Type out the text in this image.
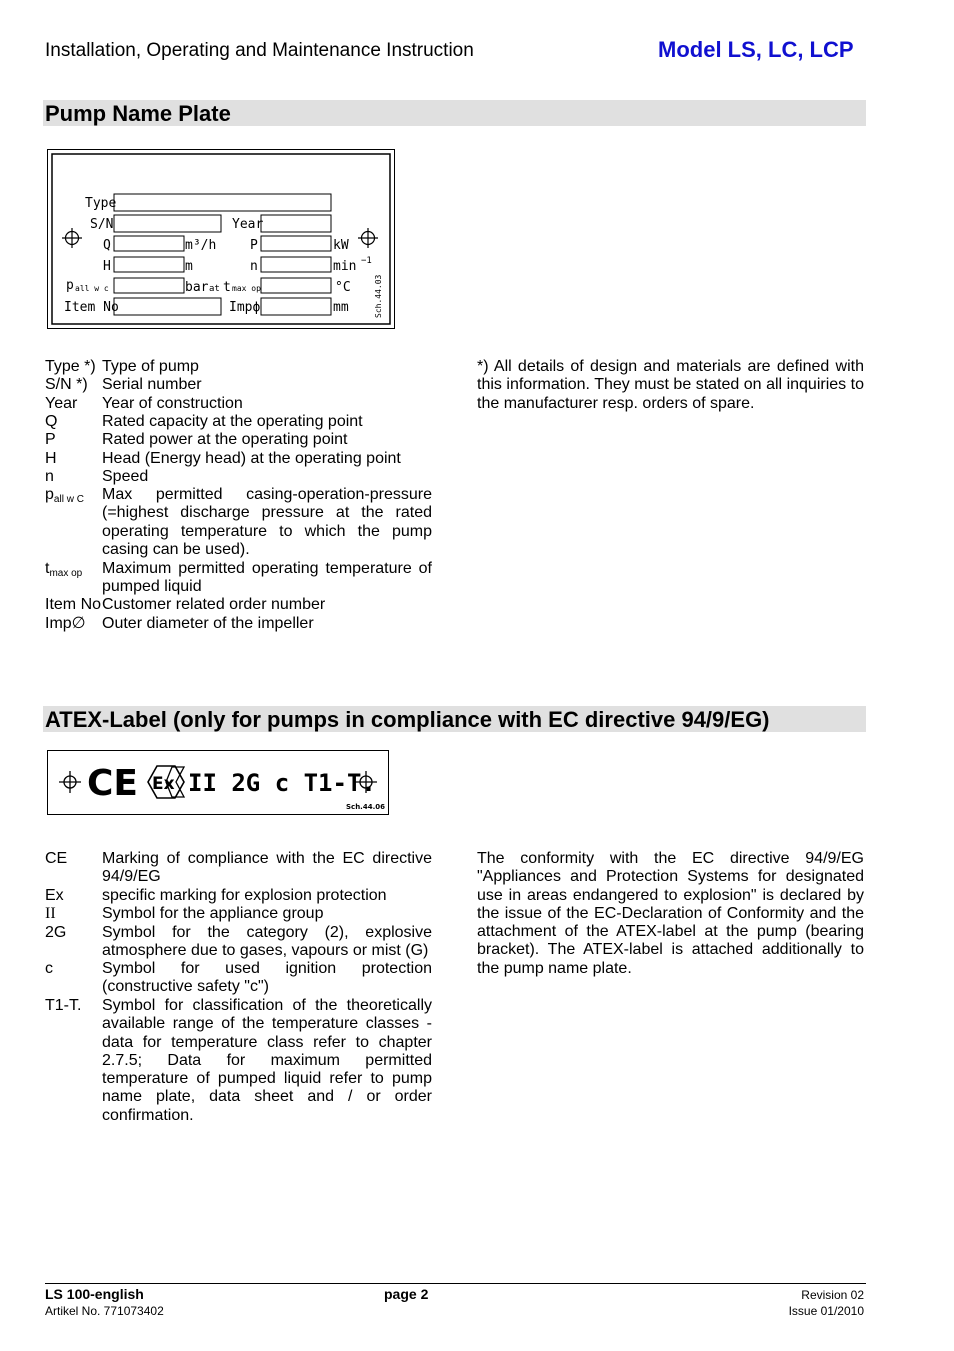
Installation, Operating and Maintenance Instruction	Model LS, LC, LCP
Pump Name Plate
Type
S/N	Year
Q	m³/h	P	kW
H	m	n	min −1
p all w c	bar at t max op	°C
Item No	Impϕ	mm	Sch.44.03
Type *) Type of pump
S/N *) Serial number
Year	Year of construction
Q	Rated capacity at the operating point
P	Rated power at the operating point
H	Head (Energy head) at the operating point
n	Speed
$p_{all w C}$	Max permitted casing-operation-pressure (=highest discharge pressure at the rated operating temperature to which the pump casing can be used).
$t_{max op}$	Maximum permitted operating temperature of pumped liquid
Item No Customer related order number
Imp∅	Outer diameter of the impeller
*) All details of design and materials are defined with this information. They must be stated on all inquiries to the manufacturer resp. orders of spare.
ATEX-Label (only for pumps in compliance with EC directive 94/9/EG)
CE Ex II 2G c T1-T.
Sch.44.06
CE	Marking of compliance with the EC directive 94/9/EG
Ex	specific marking for explosion protection
II	Symbol for the appliance group
2G	Symbol for the category (2), explosive atmosphere due to gases, vapours or mist (G)
c	Symbol for used ignition protection (constructive safety "c")
T1-T.	Symbol for classification of the theoretically available range of the temperature classes - data for temperature class refer to chapter 2.7.5; Data for maximum permitted temperature of pumped liquid refer to pump name plate, data sheet and / or order confirmation.
The conformity with the EC directive 94/9/EG "Appliances and Protection Systems for designated use in areas endangered to explosion" is declared by the issue of the EC-Declaration of Conformity and the attachment of the ATEX-label at the pump (bearing bracket). The ATEX-label is attached additionally to the pump name plate.
LS 100-english
Artikel No. 771073402
page 2	Revision 02
Issue 01/2010
